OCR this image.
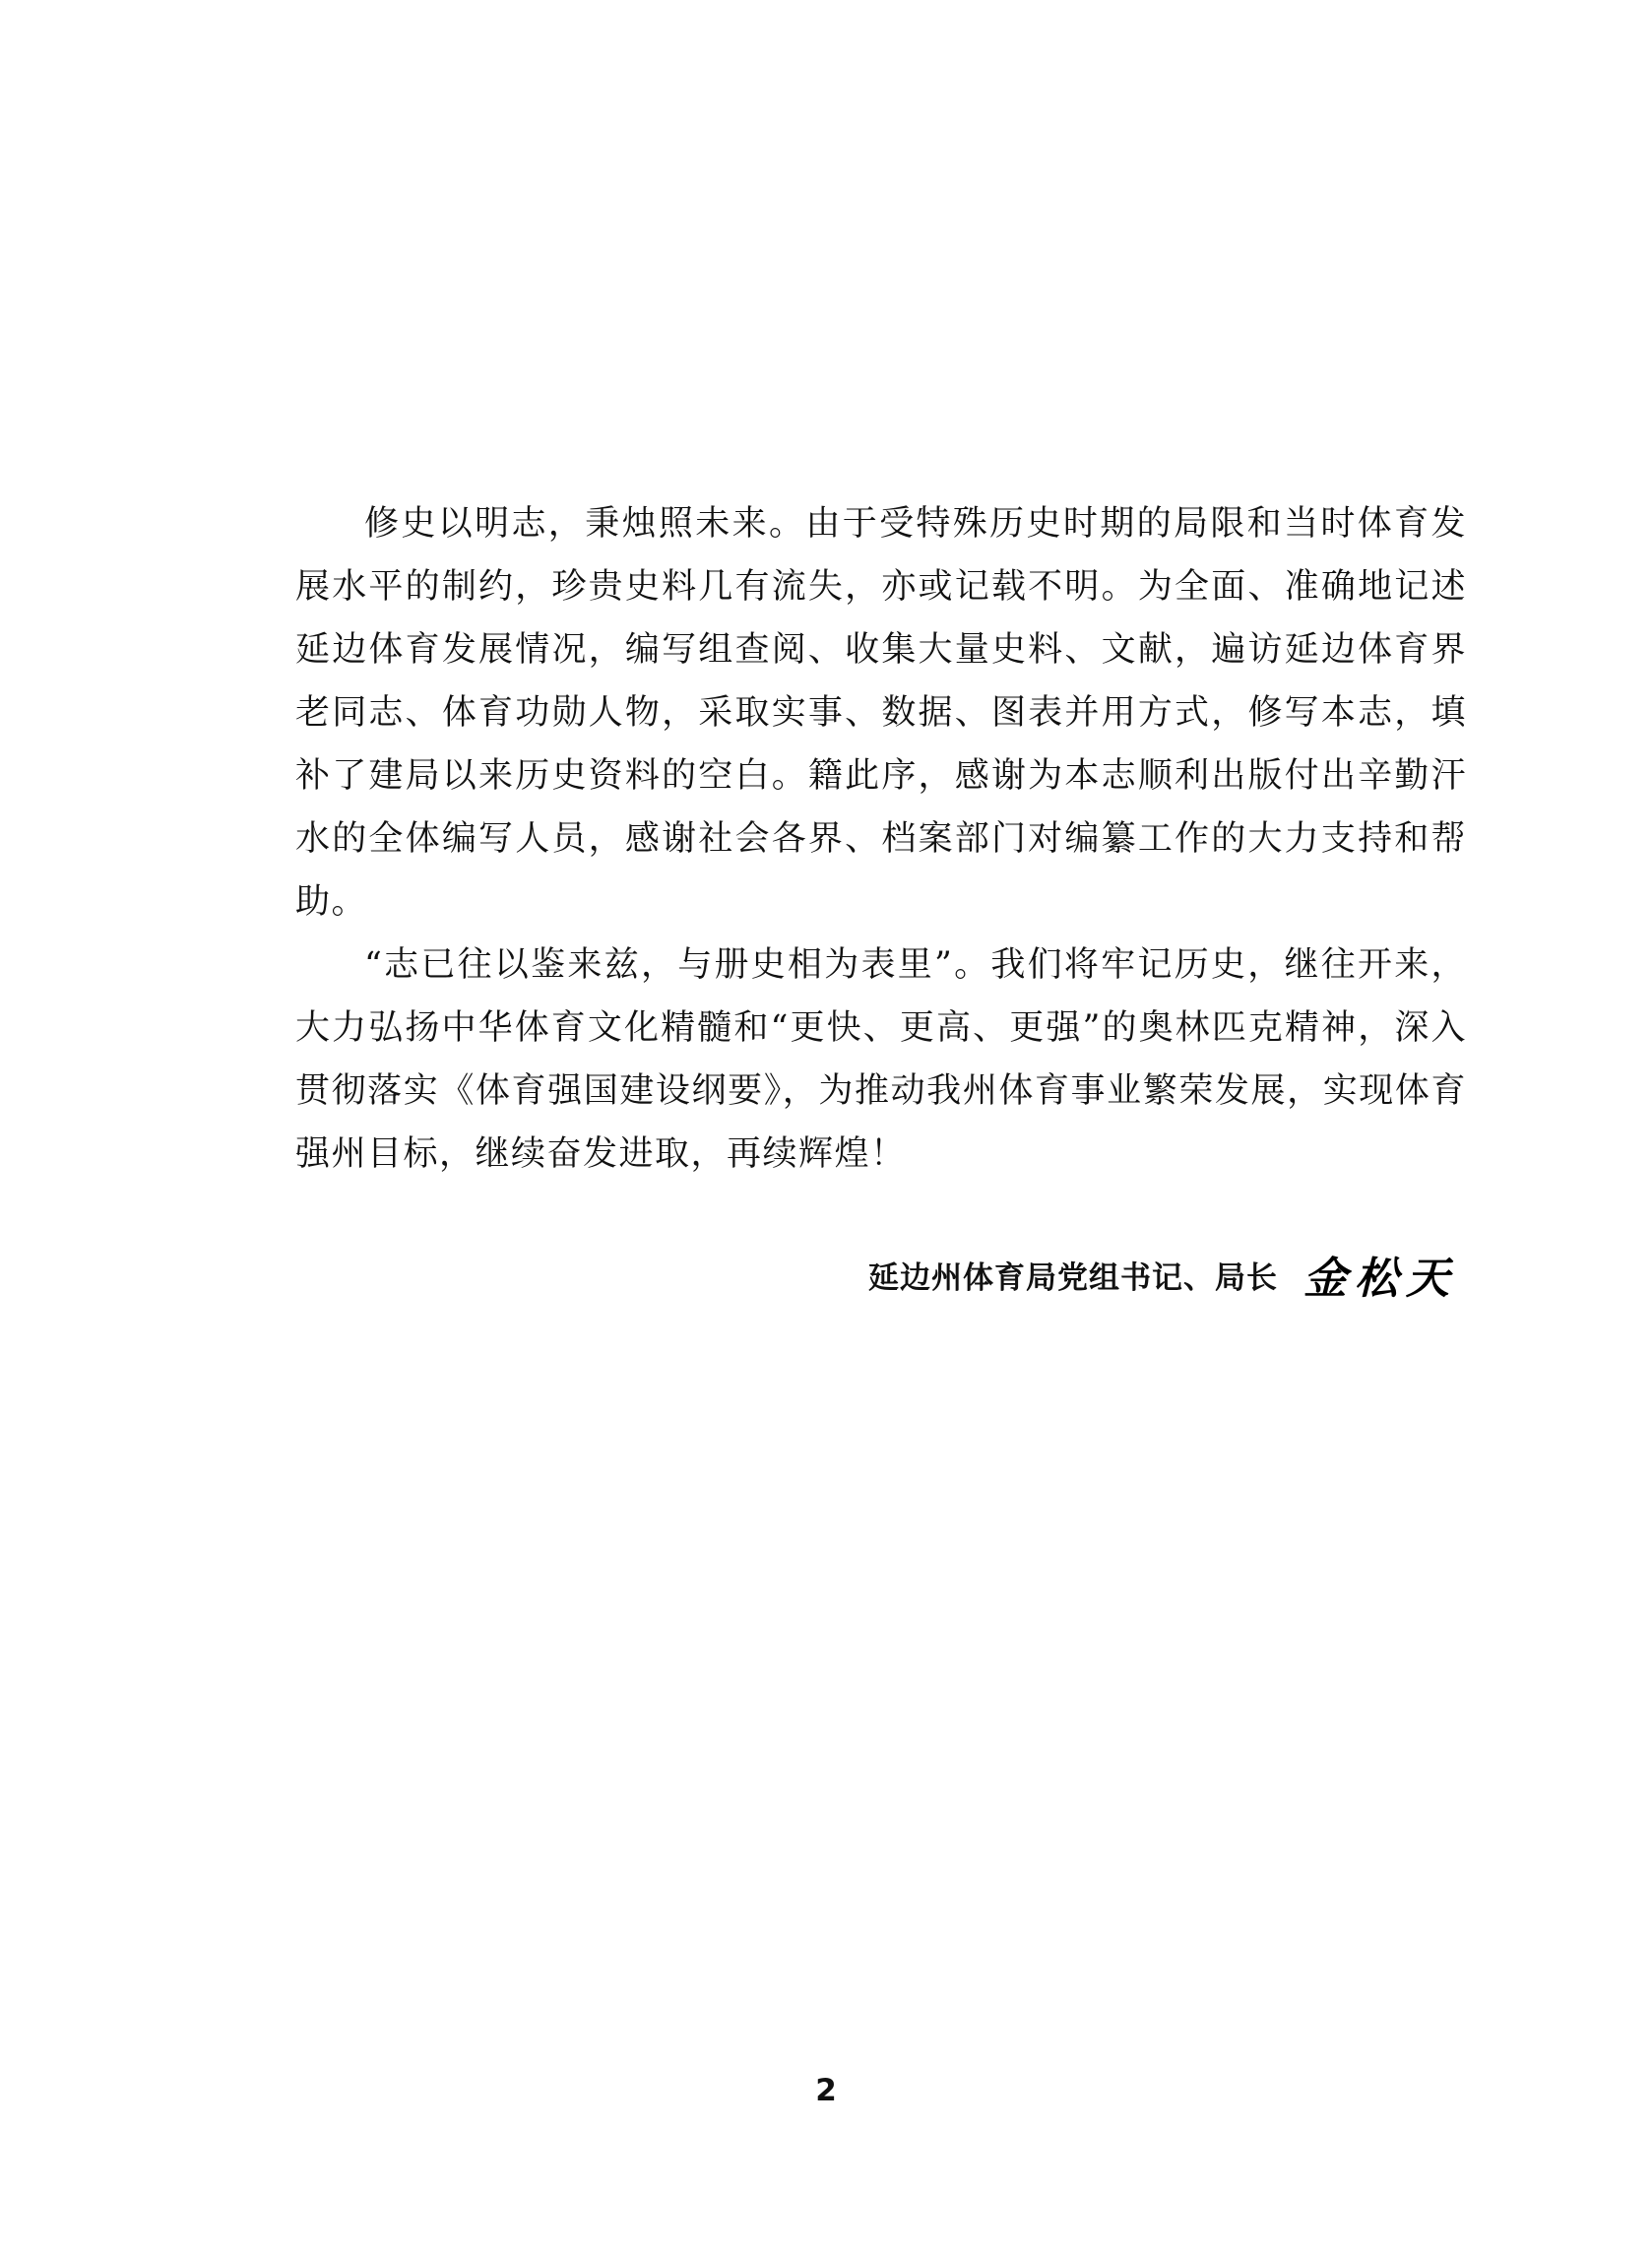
修史以明志，秉烛照未来。由于受特殊历史时期的局限和当时体育发展水平的制约，珍贵史料几有流失，亦或记载不明。为全面、准确地记述延边体育发展情况，编写组查阅、收集大量史料、文献，遍访延边体育界老同志、体育功勋人物，采取实事、数据、图表并用方式，修写本志，填补了建局以来历史资料的空白。籍此序，感谢为本志顺利出版付出辛勤汗水的全体编写人员，感谢社会各界、档案部门对编纂工作的大力支持和帮助。

“志已往以鉴来兹，与册史相为表里”。我们将牢记历史，继往开来，大力弘扬中华体育文化精髓和“更快、更高、更强”的奥林匹克精神，深入贯彻落实《体育强国建设纲要》，为推动我州体育事业繁荣发展，实现体育强州目标，继续奋发进取，再续辉煌！

延边州体育局党组书记、局长 金松天
2
